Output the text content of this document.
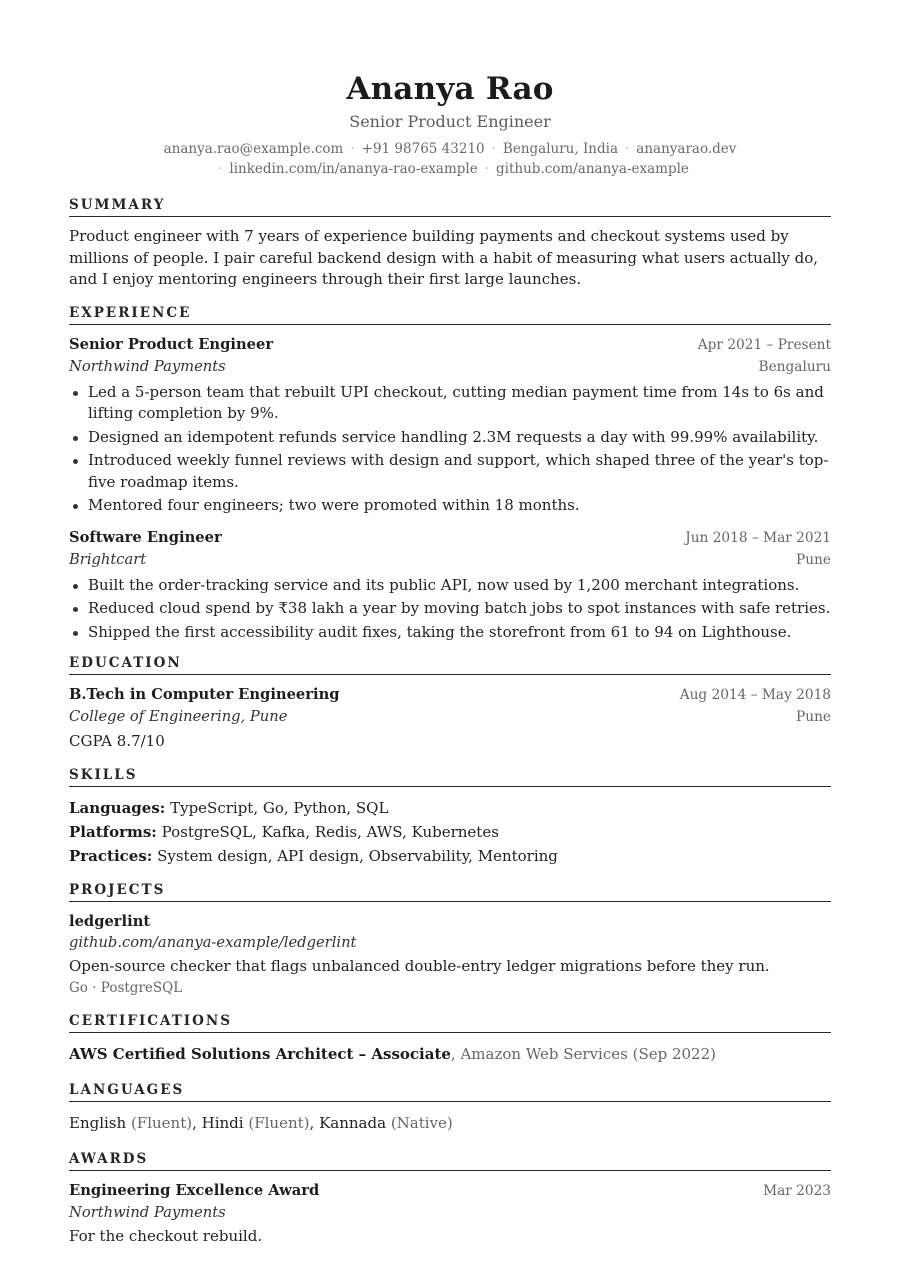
Ananya Rao
Senior Product Engineer
ananya.rao@example.com · +91 98765 43210 · Bengaluru, India · ananyarao.dev
· linkedin.com/in/ananya-rao-example · github.com/ananya-example
SUMMARY
Product engineer with 7 years of experience building payments and checkout systems used by millions of people. I pair careful backend design with a habit of measuring what users actually do, and I enjoy mentoring engineers through their first large launches.
EXPERIENCE
Senior Product Engineer	Apr 2021 – Present
Northwind Payments	Bengaluru
Led a 5-person team that rebuilt UPI checkout, cutting median payment time from 14s to 6s and lifting completion by 9%.
Designed an idempotent refunds service handling 2.3M requests a day with 99.99% availability.
Introduced weekly funnel reviews with design and support, which shaped three of the year's top-five roadmap items.
Mentored four engineers; two were promoted within 18 months.
Software Engineer	Jun 2018 – Mar 2021
Brightcart	Pune
Built the order-tracking service and its public API, now used by 1,200 merchant integrations.
Reduced cloud spend by ₹38 lakh a year by moving batch jobs to spot instances with safe retries.
Shipped the first accessibility audit fixes, taking the storefront from 61 to 94 on Lighthouse.
EDUCATION
B.Tech in Computer Engineering	Aug 2014 – May 2018
College of Engineering, Pune	Pune
CGPA 8.7/10
SKILLS
Languages: TypeScript, Go, Python, SQL
Platforms: PostgreSQL, Kafka, Redis, AWS, Kubernetes
Practices: System design, API design, Observability, Mentoring
PROJECTS
ledgerlint
github.com/ananya-example/ledgerlint
Open-source checker that flags unbalanced double-entry ledger migrations before they run.
Go · PostgreSQL
CERTIFICATIONS
AWS Certified Solutions Architect – Associate, Amazon Web Services (Sep 2022)
LANGUAGES
English (Fluent), Hindi (Fluent), Kannada (Native)
AWARDS
Engineering Excellence Award	Mar 2023
Northwind Payments
For the checkout rebuild.
